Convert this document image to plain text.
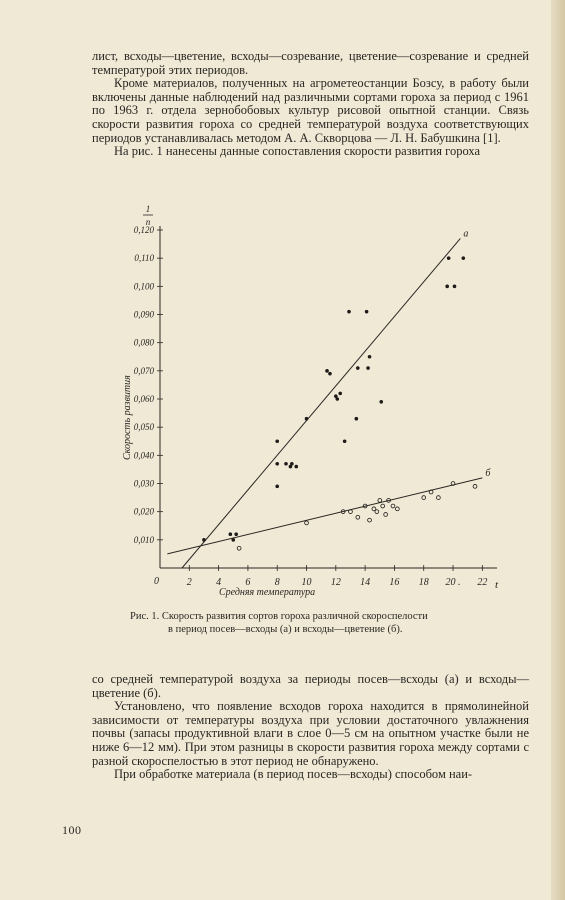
лист, всходы—цветение, всходы—созревание, цветение—созревание и средней температурой этих периодов.

Кроме материалов, полученных на агрометеостанции Бозсу, в работу были включены данные наблюдений над различными сортами гороха за период с 1961 по 1963 г. отдела зернобобовых культур рисовой опытной станции. Связь скорости развития гороха со средней температурой воздуха соответствующих периодов устанавливалась методом А. А. Скворцова — Л. Н. Бабушкина [1].

На рис. 1 нанесены данные сопоставления скорости развития гороха

1
n
0	t
Средняя температура
Скорость развития
0,010
0,020
0,030
0,040
0,050
0,060
0,070
0,080
0,090
0,100
0,110
0,120
2 4 6 8 10 12 14 16 18 20 . 22
а
б
Рис. 1. Скорость развития сортов гороха различной скороспелости
в период посев—всходы (а) и всходы—цветение (б).

со средней температурой воздуха за периоды посев—всходы (а) и всходы—цветение (б).

Установлено, что появление всходов гороха находится в прямолинейной зависимости от температуры воздуха при условии достаточного увлажнения почвы (запасы продуктивной влаги в слое 0—5 см на опытном участке были не ниже 6—12 мм). При этом разницы в скорости развития гороха между сортами с разной скороспелостью в этот период не обнаружено.

При обработке материала (в период посев—всходы) способом наи-

100
